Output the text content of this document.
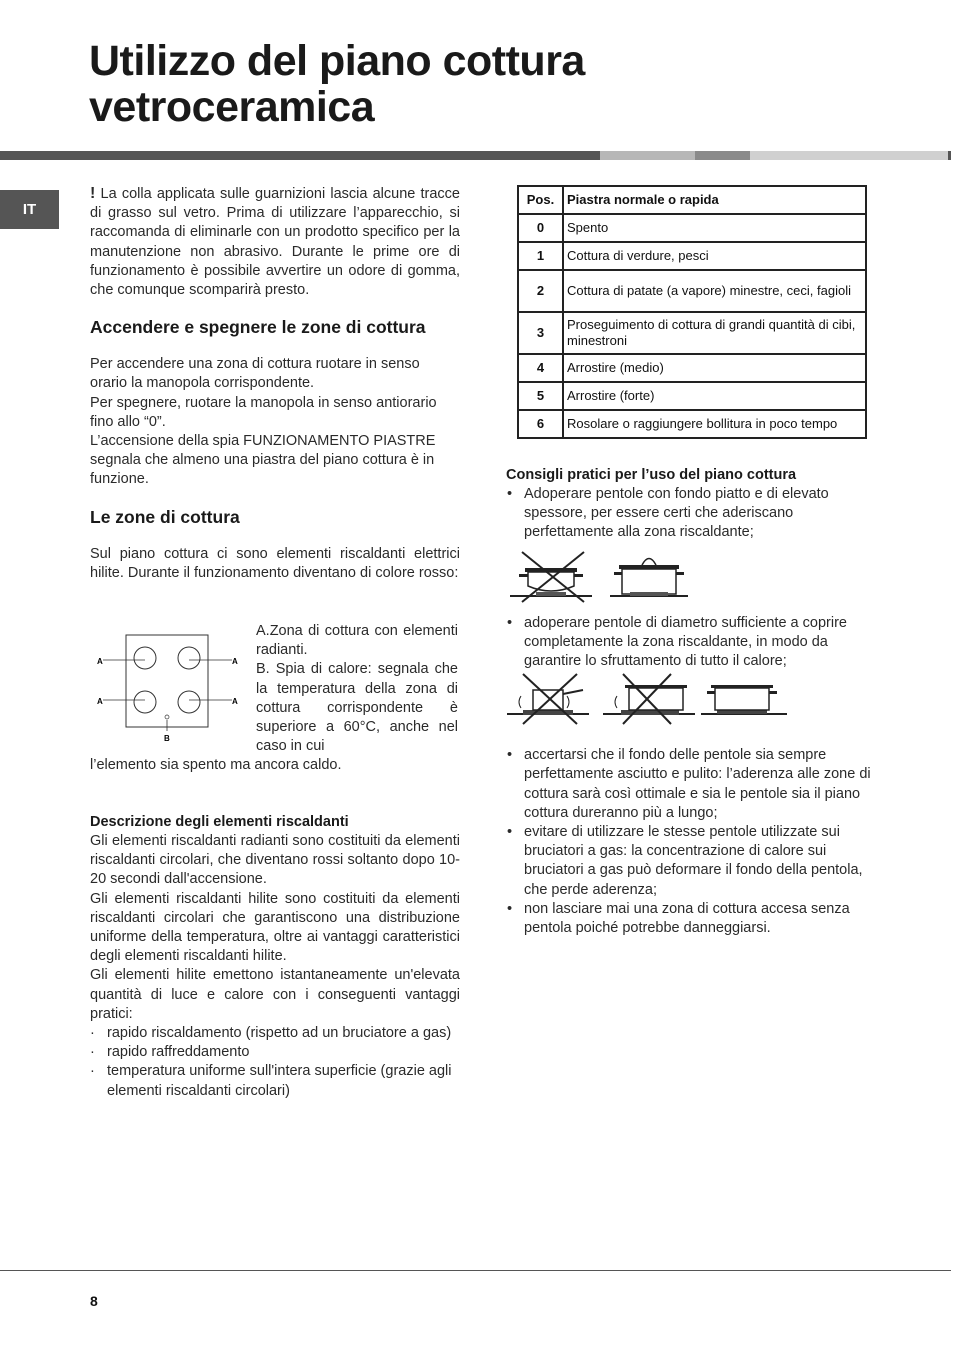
Utilizzo del piano cottura
vetroceramica
IT

! La colla applicata sulle guarnizioni lascia alcune tracce di grasso sul vetro. Prima di utilizzare l’apparecchio, si raccomanda di eliminarle con un prodotto specifico per la manutenzione non abrasivo. Durante le prime ore di funzionamento è possibile avvertire un odore di gomma, che comunque scomparirà presto.

Accendere e spegnere le zone di cottura

Per accendere una zona di cottura ruotare in senso orario la manopola corrispondente.

Per spegnere, ruotare la manopola in senso antiorario fino allo “0”.

L’accensione della spia FUNZIONAMENTO PIASTRE segnala che almeno una piastra del piano cottura è in funzione.

Le zone di cottura

Sul piano cottura ci sono elementi riscaldanti elettrici hilite. Durante il funzionamento diventano di colore rosso:

A	A
A	A
B

A.Zona di cottura con elementi radianti.

B. Spia di calore: segnala che la temperatura della zona di cottura corrispondente è superiore a 60°C, anche nel caso in cui

l’elemento sia spento ma ancora caldo.
Descrizione degli elementi riscaldanti

Gli elementi riscaldanti radianti sono costituiti da elementi riscaldanti circolari, che diventano rossi soltanto dopo 10-20 secondi dall'accensione.

Gli elementi riscaldanti hilite sono costituiti da elementi riscaldanti circolari che garantiscono una distribuzione uniforme della temperatura, oltre ai vantaggi caratteristici degli elementi riscaldanti hilite.

Gli elementi hilite emettono istantaneamente un'elevata quantità di luce e calore con i conseguenti vantaggi pratici:

· rapido riscaldamento (rispetto ad un bruciatore a gas)
· rapido raffreddamento
· temperatura uniforme sull'intera superficie (grazie agli elementi riscaldanti circolari)
Pos.	Piastra normale o rapida
0	Spento
1	Cottura di verdure, pesci
2	Cottura di patate (a vapore) minestre, ceci, fagioli
3	Proseguimento di cottura di grandi quantità di cibi, minestroni
4	Arrostire (medio)
5	Arrostire (forte)
6	Rosolare o raggiungere bollitura in poco tempo
Consigli pratici per l’uso del piano cottura
• Adoperare pentole con fondo piatto e di elevato spessore, per essere certi che aderiscano perfettamente alla zona riscaldante;
• adoperare pentole di diametro sufficiente a coprire completamente la zona riscaldante, in modo da garantire lo sfruttamento di tutto il calore;
• accertarsi che il fondo delle pentole sia sempre perfettamente asciutto e pulito: l’aderenza alle zone di cottura sarà così ottimale e sia le pentole sia il piano cottura dureranno più a lungo;
• evitare di utilizzare le stesse pentole utilizzate sui bruciatori a gas: la concentrazione di calore sui bruciatori a gas può deformare il fondo della pentola, che perde aderenza;
• non lasciare mai una zona di cottura accesa senza pentola poiché potrebbe danneggiarsi.
8
